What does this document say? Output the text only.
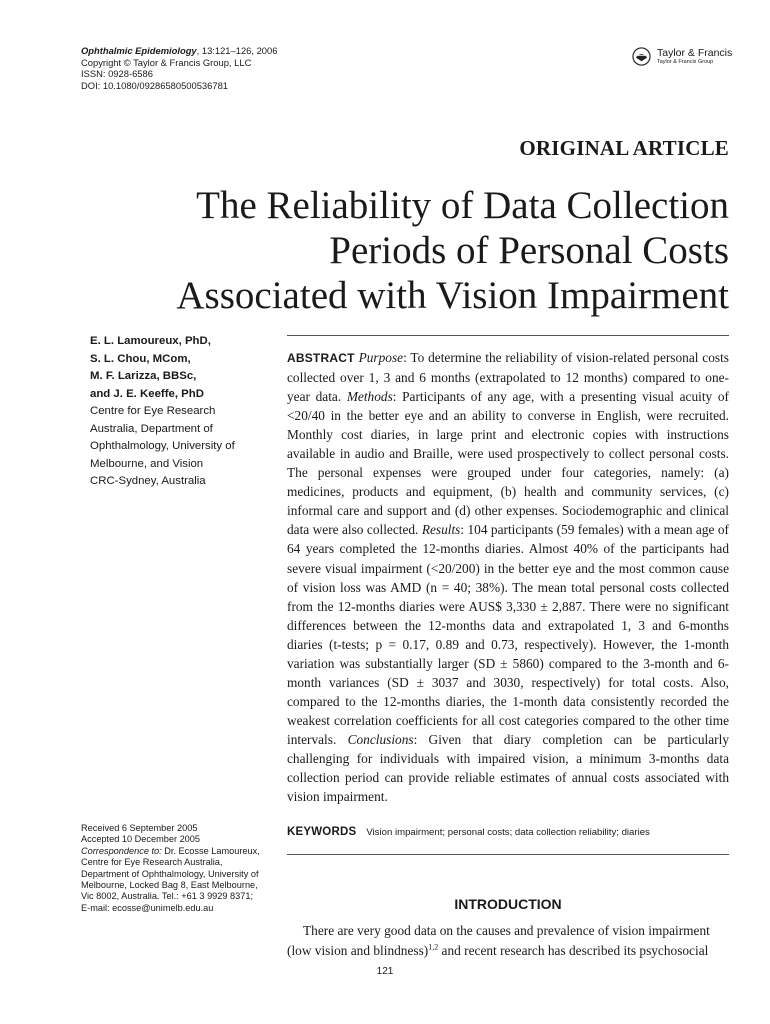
Ophthalmic Epidemiology, 13:121–126, 2006
Copyright © Taylor & Francis Group, LLC
ISSN: 0928-6586
DOI: 10.1080/09286580500536781
Taylor & Francis
Taylor & Francis Group
ORIGINAL ARTICLE
The Reliability of Data Collection Periods of Personal Costs Associated with Vision Impairment
E. L. Lamoureux, PhD,
S. L. Chou, MCom,
M. F. Larizza, BBSc,
and J. E. Keeffe, PhD
Centre for Eye Research
Australia, Department of
Ophthalmology, University of
Melbourne, and Vision
CRC-Sydney, Australia
ABSTRACT Purpose: To determine the reliability of vision-related personal costs collected over 1, 3 and 6 months (extrapolated to 12 months) compared to one-year data. Methods: Participants of any age, with a presenting visual acuity of <20/40 in the better eye and an ability to converse in English, were recruited. Monthly cost diaries, in large print and electronic copies with instructions available in audio and Braille, were used prospectively to collect personal costs. The personal expenses were grouped under four categories, namely: (a) medicines, products and equipment, (b) health and community services, (c) informal care and support and (d) other expenses. Sociodemographic and clinical data were also collected. Results: 104 participants (59 females) with a mean age of 64 years completed the 12-months diaries. Almost 40% of the participants had severe visual impairment (<20/200) in the better eye and the most common cause of vision loss was AMD (n = 40; 38%). The mean total personal costs collected from the 12-months diaries were AUS$ 3,330 ± 2,887. There were no significant differences between the 12-months data and extrapolated 1, 3 and 6-months diaries (t-tests; p = 0.17, 0.89 and 0.73, respectively). However, the 1-month variation was substantially larger (SD ± 5860) compared to the 3-month and 6-month variances (SD ± 3037 and 3030, respectively) for total costs. Also, compared to the 12-months diaries, the 1-month data consistently recorded the weakest correlation coefficients for all cost categories compared to the other time intervals. Conclusions: Given that diary completion can be particularly challenging for individuals with impaired vision, a minimum 3-months data collection period can provide reliable estimates of annual costs associated with vision impairment.
KEYWORDS Vision impairment; personal costs; data collection reliability; diaries
Received 6 September 2005
Accepted 10 December 2005
Correspondence to: Dr. Ecosse Lamoureux, Centre for Eye Research Australia, Department of Ophthalmology, University of Melbourne, Locked Bag 8, East Melbourne, Vic 8002, Australia. Tel.: +61 3 9929 8371; E-mail: ecosse@unimelb.edu.au	INTRODUCTION
There are very good data on the causes and prevalence of vision impairment
(low vision and blindness)$^{1,2}$ and recent research has described its psychosocial
121
